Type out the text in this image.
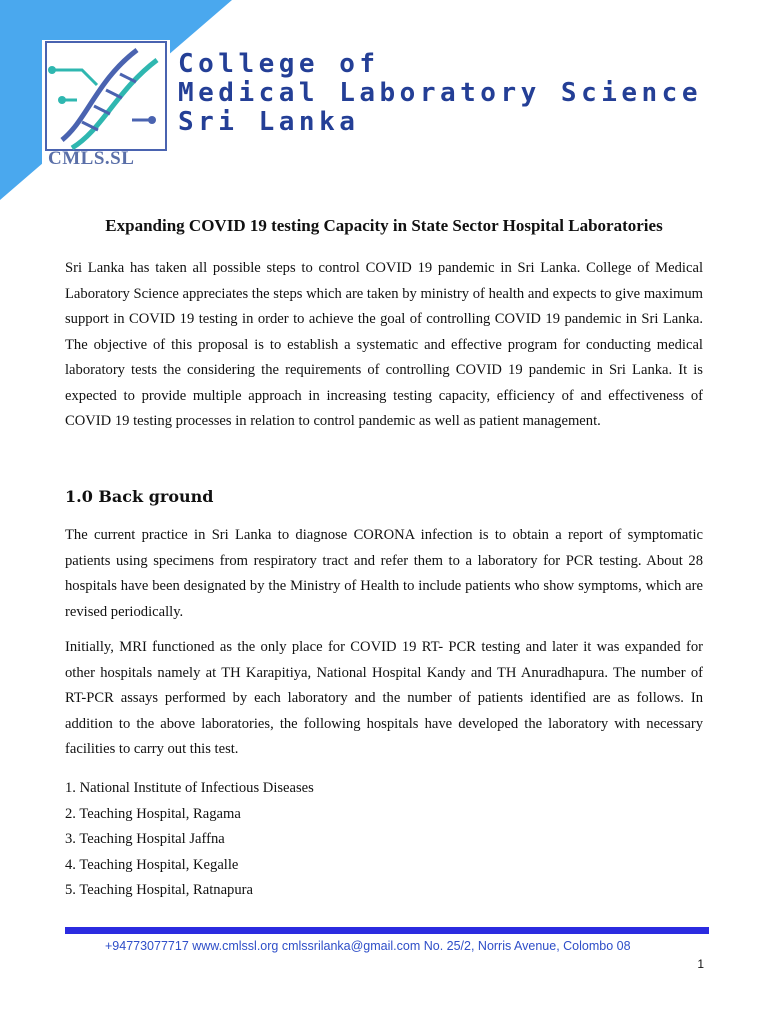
CMLS.SL
College of
Medical Laboratory Science
Sri Lanka
Expanding COVID 19 testing Capacity in State Sector Hospital Laboratories
Sri Lanka has taken all possible steps to control COVID 19 pandemic in Sri Lanka. College of Medical Laboratory Science appreciates the steps which are taken by ministry of health and expects to give maximum support in COVID 19 testing in order to achieve the goal of controlling COVID 19 pandemic in Sri Lanka. The objective of this proposal is to establish a systematic and effective program for conducting medical laboratory tests the considering the requirements of controlling COVID 19 pandemic in Sri Lanka. It is expected to provide multiple approach in increasing testing capacity, efficiency of and effectiveness of COVID 19 testing processes in relation to control pandemic as well as patient management.
1.0 Back ground
The current practice in Sri Lanka to diagnose CORONA infection is to obtain a report of symptomatic patients using specimens from respiratory tract and refer them to a laboratory for PCR testing. About 28 hospitals have been designated by the Ministry of Health to include patients who show symptoms, which are revised periodically.
Initially, MRI functioned as the only place for COVID 19 RT- PCR testing and later it was expanded for other hospitals namely at TH Karapitiya, National Hospital Kandy and TH Anuradhapura. The number of RT-PCR assays performed by each laboratory and the number of patients identified are as follows. In addition to the above laboratories, the following hospitals have developed the laboratory with necessary facilities to carry out this test.
1. National Institute of Infectious Diseases
2. Teaching Hospital, Ragama
3. Teaching Hospital Jaffna
4. Teaching Hospital, Kegalle
5. Teaching Hospital, Ratnapura
+94773077717 www.cmlssl.org cmlssrilanka@gmail.com No. 25/2, Norris Avenue, Colombo 08
1
